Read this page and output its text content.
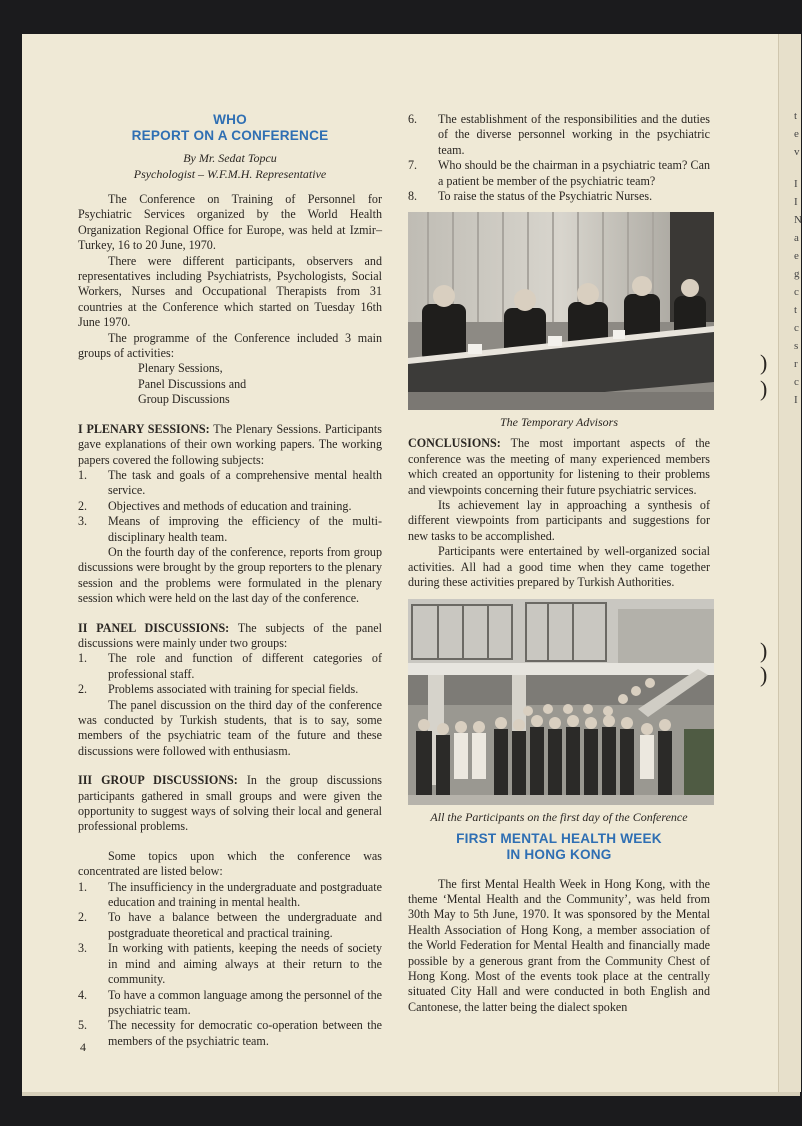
t
e
v
I
I
N
a
e
g
c
t
c
s
r
c
I
)
)
)
)
WHO
REPORT ON A CONFERENCE
By Mr. Sedat Topcu
Psychologist – W.F.M.H. Representative

The Conference on Training of Personnel for Psychiatric Services organized by the World Health Organization Regional Office for Europe, was held at Izmir–Turkey, 16 to 20 June, 1970.

There were different participants, observers and representatives including Psychiatrists, Psychologists, Social Workers, Nurses and Occupational Therapists from 31 countries at the Conference which started on Tuesday 16th June 1970.

The programme of the Conference included 3 main groups of activities:

Plenary Sessions,
Panel Discussions and
Group Discussions

I PLENARY SESSIONS: The Plenary Sessions. Participants gave explanations of their own working papers. The working papers covered the following subjects:

1. The task and goals of a comprehensive mental health service.
2. Objectives and methods of education and training.
3. Means of improving the efficiency of the multi-disciplinary health team.

On the fourth day of the conference, reports from group discussions were brought by the group reporters to the plenary session and the problems were formulated in the plenary session which were held on the last day of the conference.

II PANEL DISCUSSIONS: The subjects of the panel discussions were mainly under two groups:

1. The role and function of different categories of professional staff.
2. Problems associated with training for special fields.

The panel discussion on the third day of the conference was conducted by Turkish students, that is to say, some members of the psychiatric team of the future and these discussions were followed with enthusiasm.

III GROUP DISCUSSIONS: In the group discussions participants gathered in small groups and were given the opportunity to suggest ways of solving their local and general professional problems.

Some topics upon which the conference was concentrated are listed below:

1. The insufficiency in the undergraduate and postgraduate education and training in mental health.
2. To have a balance between the undergraduate and postgraduate theoretical and practical training.
3. In working with patients, keeping the needs of society in mind and aiming always at their return to the community.
4. To have a common language among the personnel of the psychiatric team.
5. The necessity for democratic co-operation between the members of the psychiatric team.
4
6. The establishment of the responsibilities and the duties of the diverse personnel working in the psychiatric team.
7. Who should be the chairman in a psychiatric team? Can a patient be member of the psychiatric team?
8. To raise the status of the Psychiatric Nurses.
The Temporary Advisors

CONCLUSIONS: The most important aspects of the conference was the meeting of many experienced members which created an opportunity for listening to their problems and viewpoints concerning their future psychiatric services.

Its achievement lay in approaching a synthesis of different viewpoints from participants and suggestions for new tasks to be accomplished.

Participants were entertained by well-organized social activities. All had a good time when they came together during these activities prepared by Turkish Authorities.

All the Participants on the first day of the Conference
FIRST MENTAL HEALTH WEEK
IN HONG KONG

The first Mental Health Week in Hong Kong, with the theme ‘Mental Health and the Community’, was held from 30th May to 5th June, 1970. It was sponsored by the Mental Health Association of Hong Kong, a member association of the World Federation for Mental Health and financially made possible by a generous grant from the Community Chest of Hong Kong. Most of the events took place at the centrally situated City Hall and were conducted in both English and Cantonese, the latter being the dialect spoken
